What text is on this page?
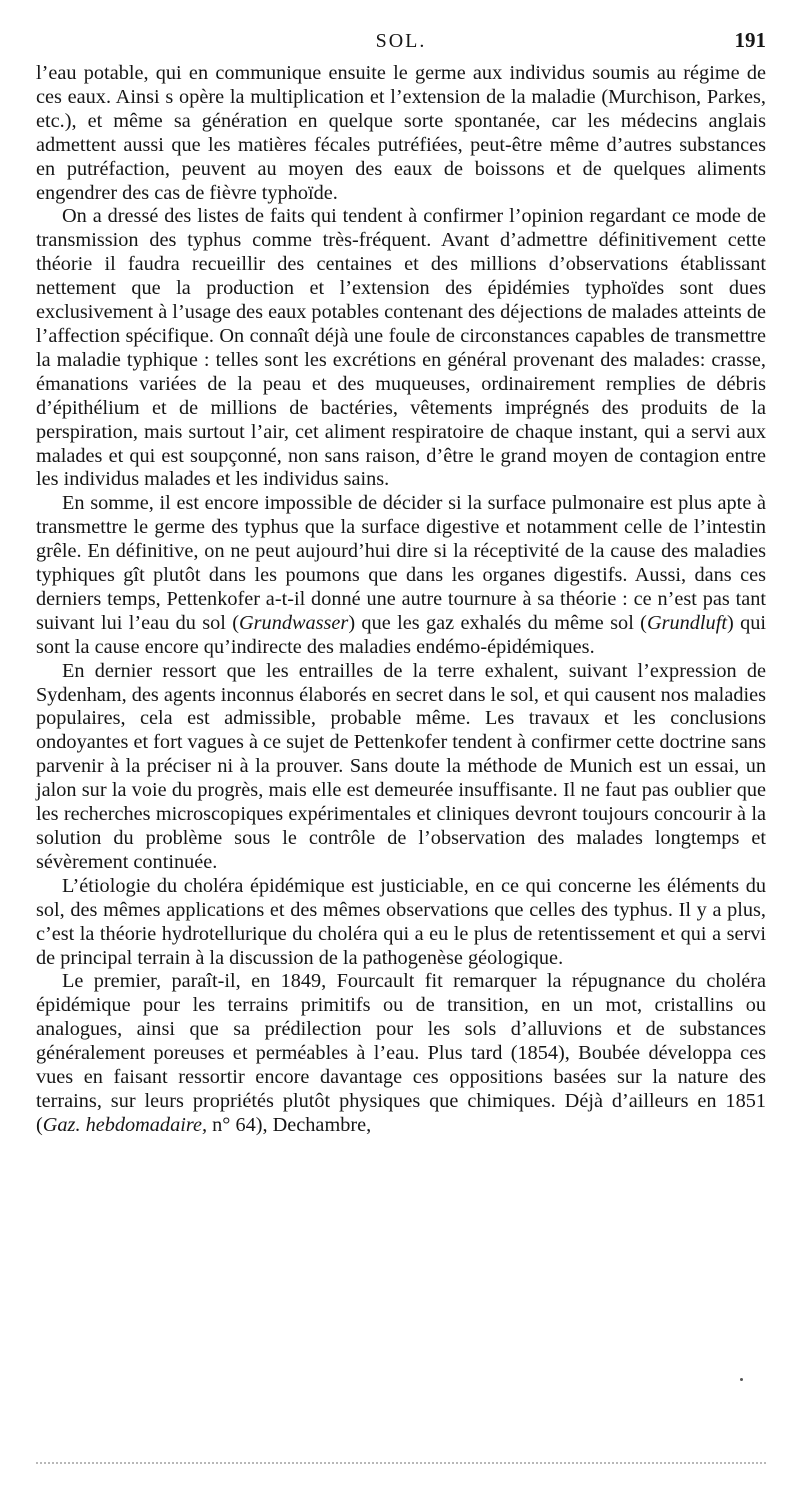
SOL.	191

l’eau potable, qui en communique ensuite le germe aux individus soumis au régime de ces eaux. Ainsi s opère la multiplication et l’extension de la maladie (Murchison, Parkes, etc.), et même sa génération en quelque sorte spontanée, car les médecins anglais admettent aussi que les matières fécales putréfiées, peut-être même d’autres substances en putréfaction, peuvent au moyen des eaux de boissons et de quelques aliments engendrer des cas de fièvre typhoïde.

On a dressé des listes de faits qui tendent à confirmer l’opinion regardant ce mode de transmission des typhus comme très-fréquent. Avant d’admettre définitivement cette théorie il faudra recueillir des centaines et des millions d’observations établissant nettement que la production et l’extension des épidémies typhoïdes sont dues exclusivement à l’usage des eaux potables contenant des déjections de malades atteints de l’affection spécifique. On connaît déjà une foule de circonstances capables de transmettre la maladie typhique : telles sont les excrétions en général provenant des malades: crasse, émanations variées de la peau et des muqueuses, ordinairement remplies de débris d’épithélium et de millions de bactéries, vêtements imprégnés des produits de la perspiration, mais surtout l’air, cet aliment respiratoire de chaque instant, qui a servi aux malades et qui est soupçonné, non sans raison, d’être le grand moyen de contagion entre les individus malades et les individus sains.

En somme, il est encore impossible de décider si la surface pulmonaire est plus apte à transmettre le germe des typhus que la surface digestive et notamment celle de l’intestin grêle. En définitive, on ne peut aujourd’hui dire si la réceptivité de la cause des maladies typhiques gît plutôt dans les poumons que dans les organes digestifs. Aussi, dans ces derniers temps, Pettenkofer a-t-il donné une autre tournure à sa théorie : ce n’est pas tant suivant lui l’eau du sol (Grundwasser) que les gaz exhalés du même sol (Grundluft) qui sont la cause encore qu’indirecte des maladies endémo-épidémiques.

En dernier ressort que les entrailles de la terre exhalent, suivant l’expression de Sydenham, des agents inconnus élaborés en secret dans le sol, et qui causent nos maladies populaires, cela est admissible, probable même. Les travaux et les conclusions ondoyantes et fort vagues à ce sujet de Pettenkofer tendent à confirmer cette doctrine sans parvenir à la préciser ni à la prouver. Sans doute la méthode de Munich est un essai, un jalon sur la voie du progrès, mais elle est demeurée insuffisante. Il ne faut pas oublier que les recherches microscopiques expérimentales et cliniques devront toujours concourir à la solution du problème sous le contrôle de l’observation des malades longtemps et sévèrement continuée.

L’étiologie du choléra épidémique est justiciable, en ce qui concerne les éléments du sol, des mêmes applications et des mêmes observations que celles des typhus. Il y a plus, c’est la théorie hydrotellurique du choléra qui a eu le plus de retentissement et qui a servi de principal terrain à la discussion de la pathogenèse géologique.

Le premier, paraît-il, en 1849, Fourcault fit remarquer la répugnance du choléra épidémique pour les terrains primitifs ou de transition, en un mot, cristallins ou analogues, ainsi que sa prédilection pour les sols d’alluvions et de substances généralement poreuses et perméables à l’eau. Plus tard (1854), Boubée développa ces vues en faisant ressortir encore davantage ces oppositions basées sur la nature des terrains, sur leurs propriétés plutôt physiques que chimiques. Déjà d’ailleurs en 1851 (Gaz. hebdomadaire, n° 64), Dechambre,
